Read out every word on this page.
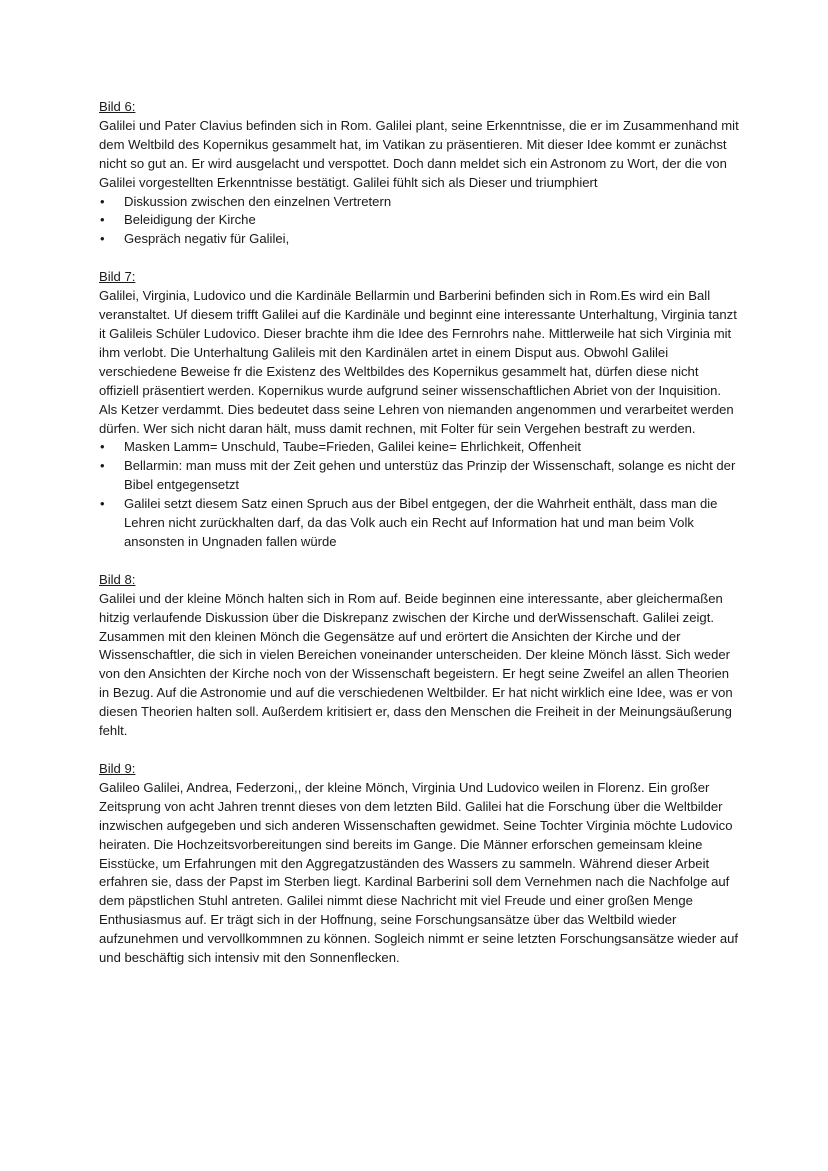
Bild 6:
Galilei und Pater Clavius befinden sich in Rom. Galilei plant, seine Erkenntnisse, die er im Zusammenhand mit dem Weltbild des Kopernikus gesammelt hat, im Vatikan zu präsentieren. Mit dieser Idee kommt er zunächst nicht so gut an. Er wird ausgelacht und verspottet. Doch dann meldet sich ein Astronom zu Wort, der die von Galilei vorgestellten Erkenntnisse bestätigt. Galilei fühlt sich als Dieser und triumphiert
• Diskussion zwischen den einzelnen Vertretern
• Beleidigung der Kirche
• Gespräch negativ für Galilei,
Bild 7:
Galilei, Virginia, Ludovico und die Kardinäle Bellarmin und Barberini befinden sich in Rom.Es wird ein Ball veranstaltet. Uf diesem trifft Galilei auf die Kardinäle und beginnt eine interessante Unterhaltung, Virginia tanzt it Galileis Schüler Ludovico. Dieser brachte ihm die Idee des Fernrohrs nahe. Mittlerweile hat sich Virginia mit ihm verlobt. Die Unterhaltung Galileis mit den Kardinälen artet in einem Disput aus. Obwohl Galilei verschiedene Beweise fr die Existenz des Weltbildes des Kopernikus gesammelt hat, dürfen diese nicht offiziell präsentiert werden. Kopernikus wurde aufgrund seiner wissenschaftlichen Abriet von der Inquisition. Als Ketzer verdammt. Dies bedeutet dass seine Lehren von niemanden angenommen und verarbeitet werden dürfen. Wer sich nicht daran hält, muss damit rechnen, mit Folter für sein Vergehen bestraft zu werden.
• Masken Lamm= Unschuld, Taube=Frieden, Galilei keine= Ehrlichkeit, Offenheit
• Bellarmin: man muss mit der Zeit gehen und unterstüz das Prinzip der Wissenschaft, solange es nicht der Bibel entgegensetzt
• Galilei setzt diesem Satz einen Spruch aus der Bibel entgegen, der die Wahrheit enthält, dass man die Lehren nicht zurückhalten darf, da das Volk auch ein Recht auf Information hat und man beim Volk ansonsten in Ungnaden fallen würde
Bild 8:
Galilei und der kleine Mönch halten sich in Rom auf. Beide beginnen eine interessante, aber gleichermaßen hitzig verlaufende Diskussion über die Diskrepanz zwischen der Kirche und derWissenschaft. Galilei zeigt. Zusammen mit den kleinen Mönch die Gegensätze auf und erörtert die Ansichten der Kirche und der Wissenschaftler, die sich in vielen Bereichen voneinander unterscheiden. Der kleine Mönch lässt. Sich weder von den Ansichten der Kirche noch von der Wissenschaft begeistern. Er hegt seine Zweifel an allen Theorien in Bezug. Auf die Astronomie und auf die verschiedenen Weltbilder. Er hat nicht wirklich eine Idee, was er von diesen Theorien halten soll. Außerdem kritisiert er, dass den Menschen die Freiheit in der Meinungsäußerung fehlt.
Bild 9:
Galileo Galilei, Andrea, Federzoni,, der kleine Mönch, Virginia Und Ludovico weilen in Florenz. Ein großer Zeitsprung von acht Jahren trennt dieses von dem letzten Bild. Galilei hat die Forschung über die Weltbilder inzwischen aufgegeben und sich anderen Wissenschaften gewidmet. Seine Tochter Virginia möchte Ludovico heiraten. Die Hochzeitsvorbereitungen sind bereits im Gange. Die Männer erforschen gemeinsam kleine Eisstücke, um Erfahrungen mit den Aggregatzuständen des Wassers zu sammeln. Während dieser Arbeit erfahren sie, dass der Papst im Sterben liegt. Kardinal Barberini soll dem Vernehmen nach die Nachfolge auf dem päpstlichen Stuhl antreten. Galilei nimmt diese Nachricht mit viel Freude und einer großen Menge Enthusiasmus auf. Er trägt sich in der Hoffnung, seine Forschungsansätze über das Weltbild wieder aufzunehmen und vervollkommnen zu können. Sogleich nimmt er seine letzten Forschungsansätze wieder auf und beschäftig sich intensiv mit den Sonnenflecken.
